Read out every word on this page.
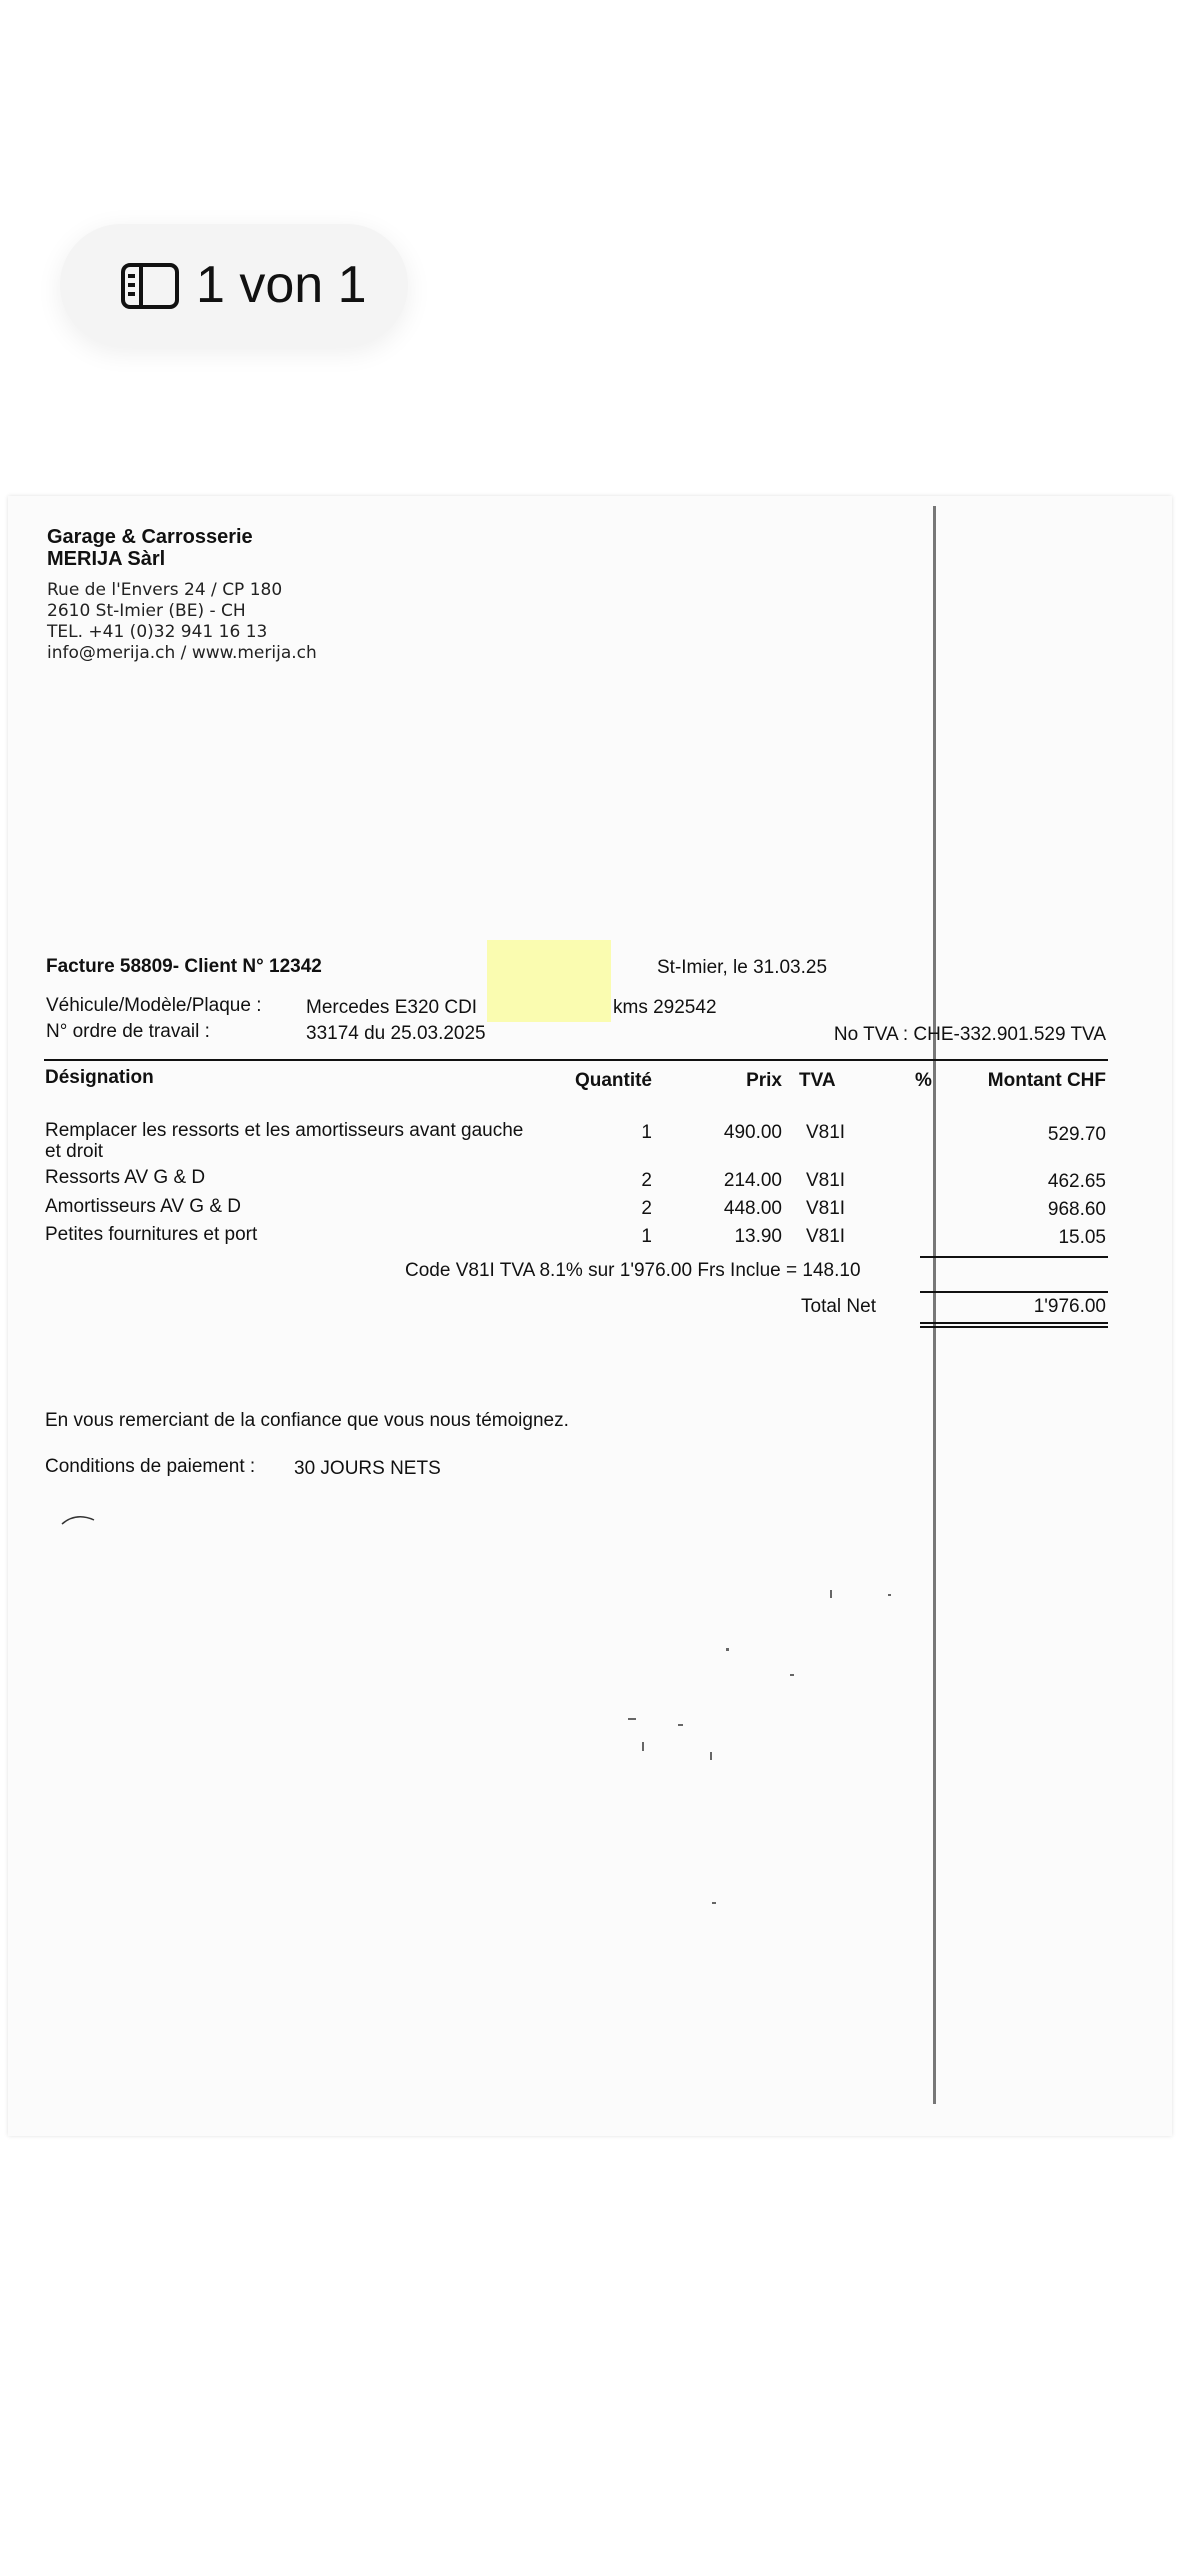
1 von 1
Garage & Carrosserie
MERIJA Sàrl
Rue de l'Envers 24 / CP 180
2610 St-Imier (BE) - CH
TEL. +41 (0)32 941 16 13
info@merija.ch / www.merija.ch
Facture 58809- Client N° 12342	St-Imier, le 31.03.25
Véhicule/Modèle/Plaque : Mercedes E320 CDI	kms 292542
N° ordre de travail :	33174 du 25.03.2025	No TVA : CHE-332.901.529 TVA
Désignation	Quantité	Prix TVA	%	Montant CHF
Remplacer les ressorts et les amortisseurs avant gauche
et droit
1	490.00 V81I	529.70
Ressorts AV G & D	2	214.00 V81I	462.65
Amortisseurs AV G & D	2	448.00 V81I	968.60
Petites fournitures et port	1	13.90 V81I	15.05
Code V81I TVA 8.1% sur 1'976.00 Frs Inclue = 148.10
Total Net	1'976.00
En vous remerciant de la confiance que vous nous témoignez.
Conditions de paiement : 30 JOURS NETS
